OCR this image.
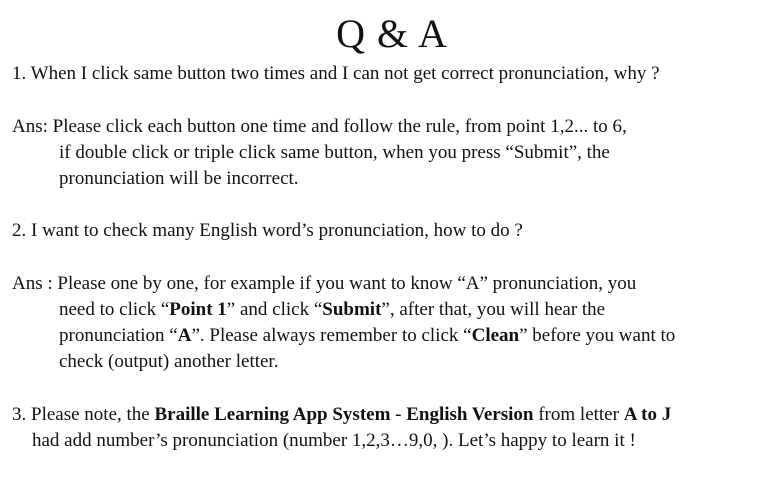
Q & A
1. When I click same button two times and I can not get correct pronunciation, why ?
Ans: Please click each button one time and follow the rule, from point 1,2... to 6,
if double click or triple click same button, when you press “Submit”, the
pronunciation will be incorrect.
2. I want to check many English word’s pronunciation, how to do ?
Ans : Please one by one, for example if you want to know “A” pronunciation, you
need to click “Point 1” and click “Submit”, after that, you will hear the
pronunciation “A”. Please always remember to click “Clean” before you want to
check (output) another letter.
3. Please note, the Braille Learning App System - English Version from letter A to J
had add number’s pronunciation (number 1,2,3…9,0, ). Let’s happy to learn it !
